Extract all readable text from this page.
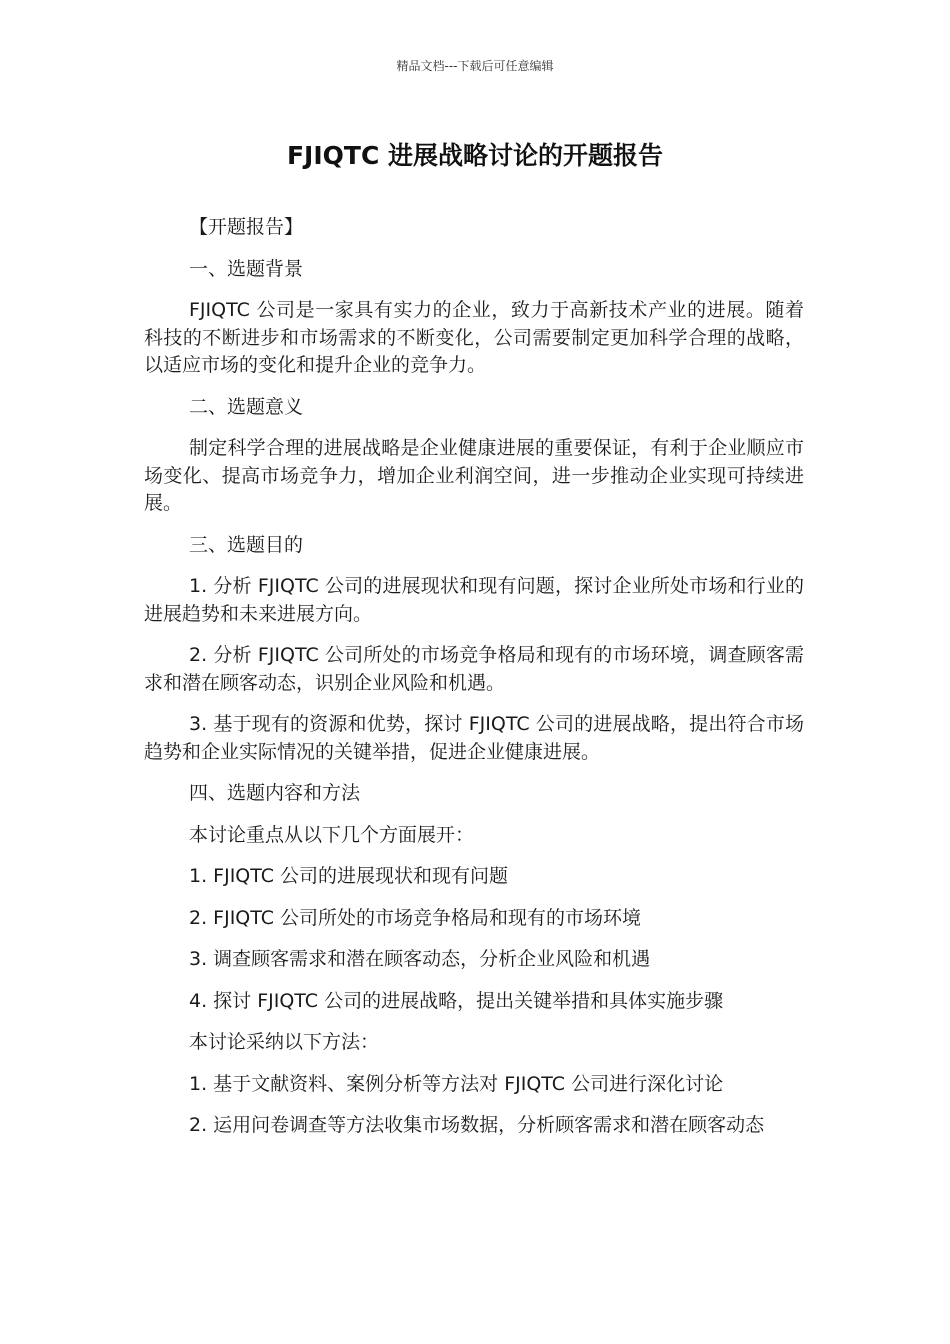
精品文档---下载后可任意编辑
FJIQTC 进展战略讨论的开题报告

【开题报告】

一、选题背景

FJIQTC 公司是一家具有实力的企业，致力于高新技术产业的进展。随着科技的不断进步和市场需求的不断变化，公司需要制定更加科学合理的战略，以适应市场的变化和提升企业的竞争力。

二、选题意义

制定科学合理的进展战略是企业健康进展的重要保证，有利于企业顺应市场变化、提高市场竞争力，增加企业利润空间，进一步推动企业实现可持续进展。

三、选题目的

1. 分析 FJIQTC 公司的进展现状和现有问题，探讨企业所处市场和行业的进展趋势和未来进展方向。

2. 分析 FJIQTC 公司所处的市场竞争格局和现有的市场环境，调查顾客需求和潜在顾客动态，识别企业风险和机遇。

3. 基于现有的资源和优势，探讨 FJIQTC 公司的进展战略，提出符合市场趋势和企业实际情况的关键举措，促进企业健康进展。

四、选题内容和方法

本讨论重点从以下几个方面展开：

1. FJIQTC 公司的进展现状和现有问题

2. FJIQTC 公司所处的市场竞争格局和现有的市场环境

3. 调查顾客需求和潜在顾客动态，分析企业风险和机遇

4. 探讨 FJIQTC 公司的进展战略，提出关键举措和具体实施步骤

本讨论采纳以下方法：

1. 基于文献资料、案例分析等方法对 FJIQTC 公司进行深化讨论

2. 运用问卷调查等方法收集市场数据，分析顾客需求和潜在顾客动态
